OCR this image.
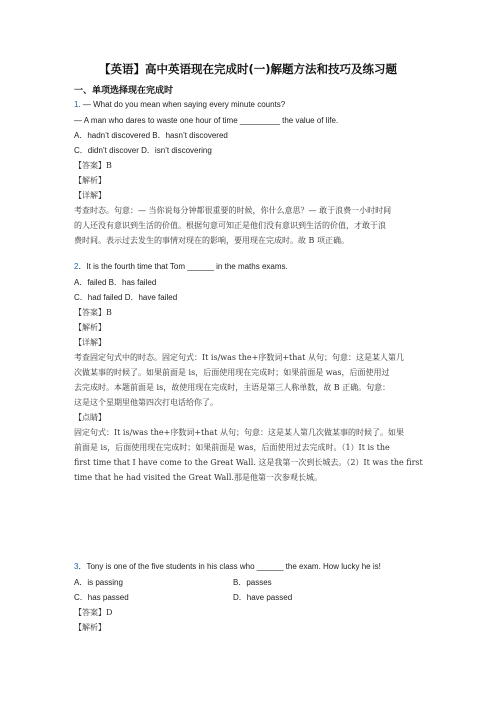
【英语】高中英语现在完成时(一)解题方法和技巧及练习题
一、单项选择现在完成时
1. — What do you mean when saying every minute counts?
— A man who dares to waste one hour of time _________ the value of life.
A．hadn’t discovered B．hasn’t discovered
C．didn’t discover D．isn’t discovering
【答案】B
【解析】
【详解】
考查时态。句意：— 当你说每分钟都很重要的时候，你什么意思？— 敢于浪费一小时时间
的人还没有意识到生活的价值。根据句意可知正是他们没有意识到生活的价值，才敢于浪
费时间。表示过去发生的事情对现在的影响，要用现在完成时。故 B 项正确。
2．It is the fourth time that Tom ______ in the maths exams.
A．failed B．has failed
C．had failed D．have failed
【答案】B
【解析】
【详解】
考查固定句式中的时态。固定句式：It is/was the+序数词+that 从句；句意：这是某人第几
次做某事的时候了。如果前面是 is，后面使用现在完成时；如果前面是 was，后面使用过
去完成时。本题前面是 is，故使用现在完成时，主语是第三人称单数，故 B 正确。句意：
这是这个星期里他第四次打电话给你了。
【点睛】
固定句式：It is/was the+序数词+that 从句；句意：这是某人第几次做某事的时候了。如果
前面是 is，后面使用现在完成时；如果前面是 was，后面使用过去完成时。（1）It is the
first time that I have come to the Great Wall. 这是我第一次到长城去。（2）It was the first
time that he had visited the Great Wall.那是他第一次参观长城。
3．Tony is one of the five students in his class who ______ the exam. How lucky he is!
A．is passing	B．passes
C．has passed	D．have passed
【答案】D
【解析】
